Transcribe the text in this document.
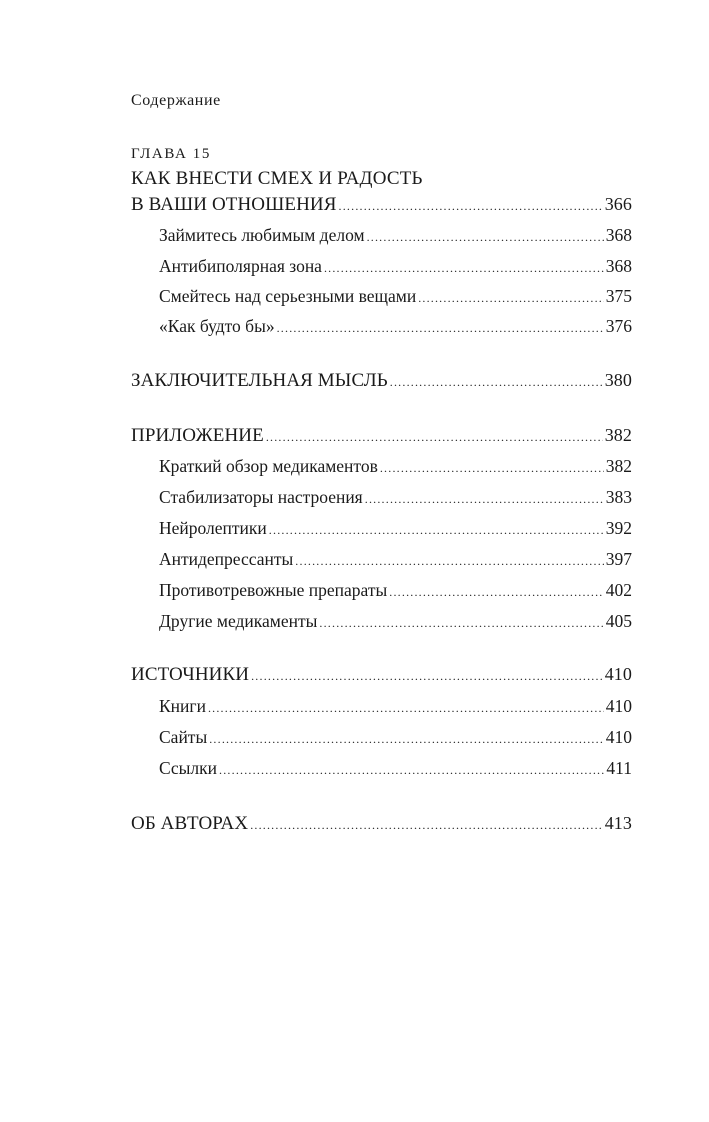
Содержание
ГЛАВА 15
КАК ВНЕСТИ СМЕХ И РАДОСТЬ
В ВАШИ ОТНОШЕНИЯ .....	366
Займитесь любимым делом .....	368
Антибиполярная зона .....	368
Смейтесь над серьезными вещами .....	375
«Как будто бы» .....	376
ЗАКЛЮЧИТЕЛЬНАЯ МЫСЛЬ .....	380
ПРИЛОЖЕНИЕ .....	382
Краткий обзор медикаментов .....	382
Стабилизаторы настроения .....	383
Нейролептики .....	392
Антидепрессанты .....	397
Противотревожные препараты .....	402
Другие медикаменты .....	405
ИСТОЧНИКИ .....	410
Книги .....	410
Сайты .....	410
Ссылки .....	411
ОБ АВТОРАХ .....	413
